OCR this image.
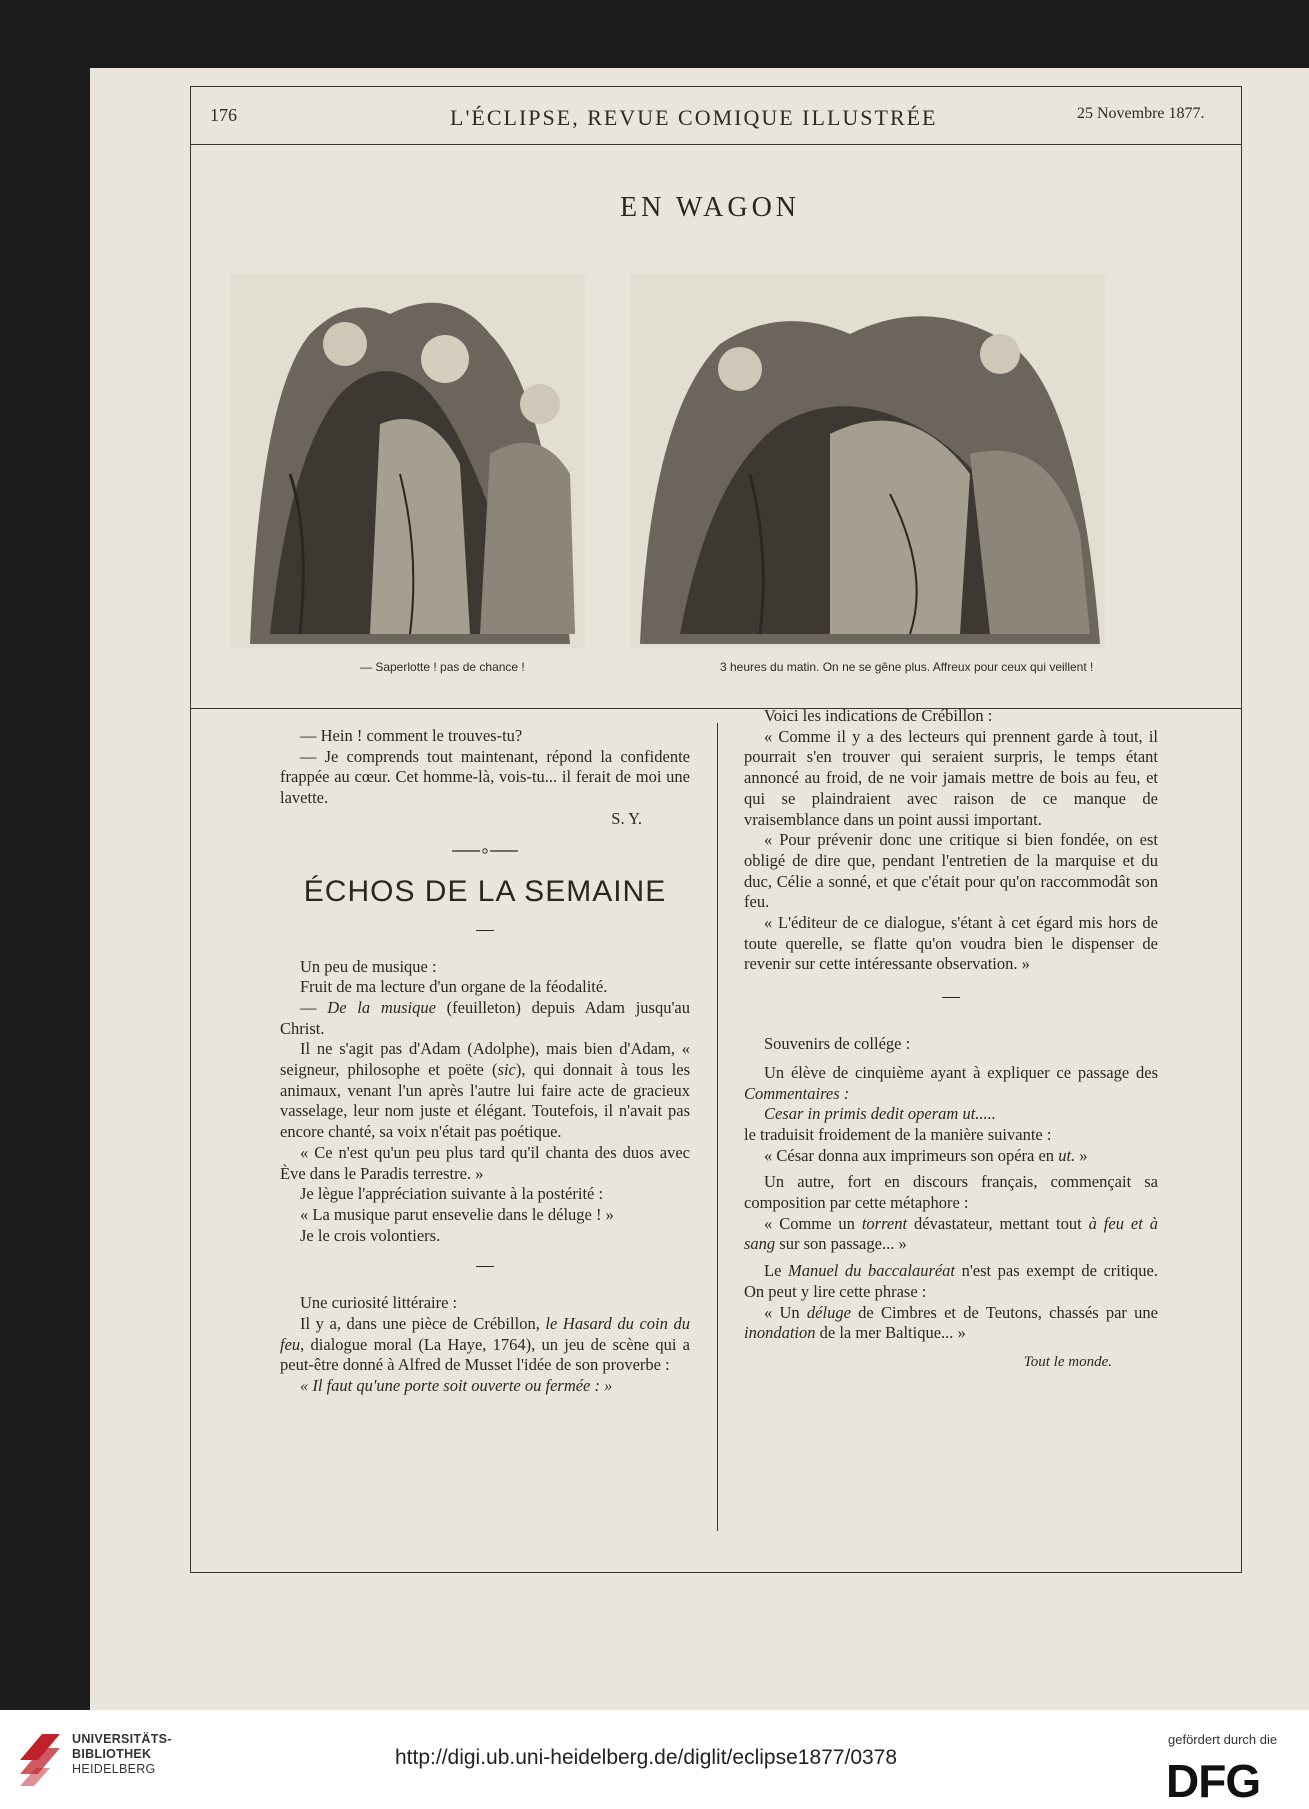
176	L'ÉCLIPSE, REVUE COMIQUE ILLUSTRÉE	25 Novembre 1877.
EN WAGON
— Saperlotte ! pas de chance !	3 heures du matin. On ne se gêne plus. Affreux pour ceux qui veillent !

— Hein ! comment le trouves-tu?

— Je comprends tout maintenant, répond la confidente frappée au cœur. Cet homme-là, vois-tu... il ferait de moi une lavette.

S. Y.

ÉCHOS DE LA SEMAINE

Un peu de musique :

Fruit de ma lecture d'un organe de la féodalité.

— De la musique (feuilleton) depuis Adam jusqu'au Christ.

Il ne s'agit pas d'Adam (Adolphe), mais bien d'Adam, « seigneur, philosophe et poëte (sic), qui donnait à tous les animaux, venant l'un après l'autre lui faire acte de gracieux vasselage, leur nom juste et élégant. Toutefois, il n'avait pas encore chanté, sa voix n'était pas poétique.

« Ce n'est qu'un peu plus tard qu'il chanta des duos avec Ève dans le Paradis terrestre. »

Je lègue l'appréciation suivante à la postérité :

« La musique parut ensevelie dans le déluge ! »

Je le crois volontiers.

Une curiosité littéraire :

Il y a, dans une pièce de Crébillon, le Hasard du coin du feu, dialogue moral (La Haye, 1764), un jeu de scène qui a peut-être donné à Alfred de Musset l'idée de son proverbe :

« Il faut qu'une porte soit ouverte ou fermée : »

Voici les indications de Crébillon :

« Comme il y a des lecteurs qui prennent garde à tout, il pourrait s'en trouver qui seraient surpris, le temps étant annoncé au froid, de ne voir jamais mettre de bois au feu, et qui se plaindraient avec raison de ce manque de vraisemblance dans un point aussi important.

« Pour prévenir donc une critique si bien fondée, on est obligé de dire que, pendant l'entretien de la marquise et du duc, Célie a sonné, et que c'était pour qu'on raccommodât son feu.

« L'éditeur de ce dialogue, s'étant à cet égard mis hors de toute querelle, se flatte qu'on voudra bien le dispenser de revenir sur cette intéressante observation. »

Souvenirs de collége :

Un élève de cinquième ayant à expliquer ce passage des Commentaires :

Cesar in primis dedit operam ut.....

le traduisit froidement de la manière suivante :

« César donna aux imprimeurs son opéra en ut. »

Un autre, fort en discours français, commençait sa composition par cette métaphore :

« Comme un torrent dévastateur, mettant tout à feu et à sang sur son passage... »

Le Manuel du baccalauréat n'est pas exempt de critique. On peut y lire cette phrase :

« Un déluge de Cimbres et de Teutons, chassés par une inondation de la mer Baltique... »

Tout le monde.

UNIVERSITÄTS-
BIBLIOTHEK
HEIDELBERG	http://digi.ub.uni-heidelberg.de/diglit/eclipse1877/0378
gefördert durch die
DFG
